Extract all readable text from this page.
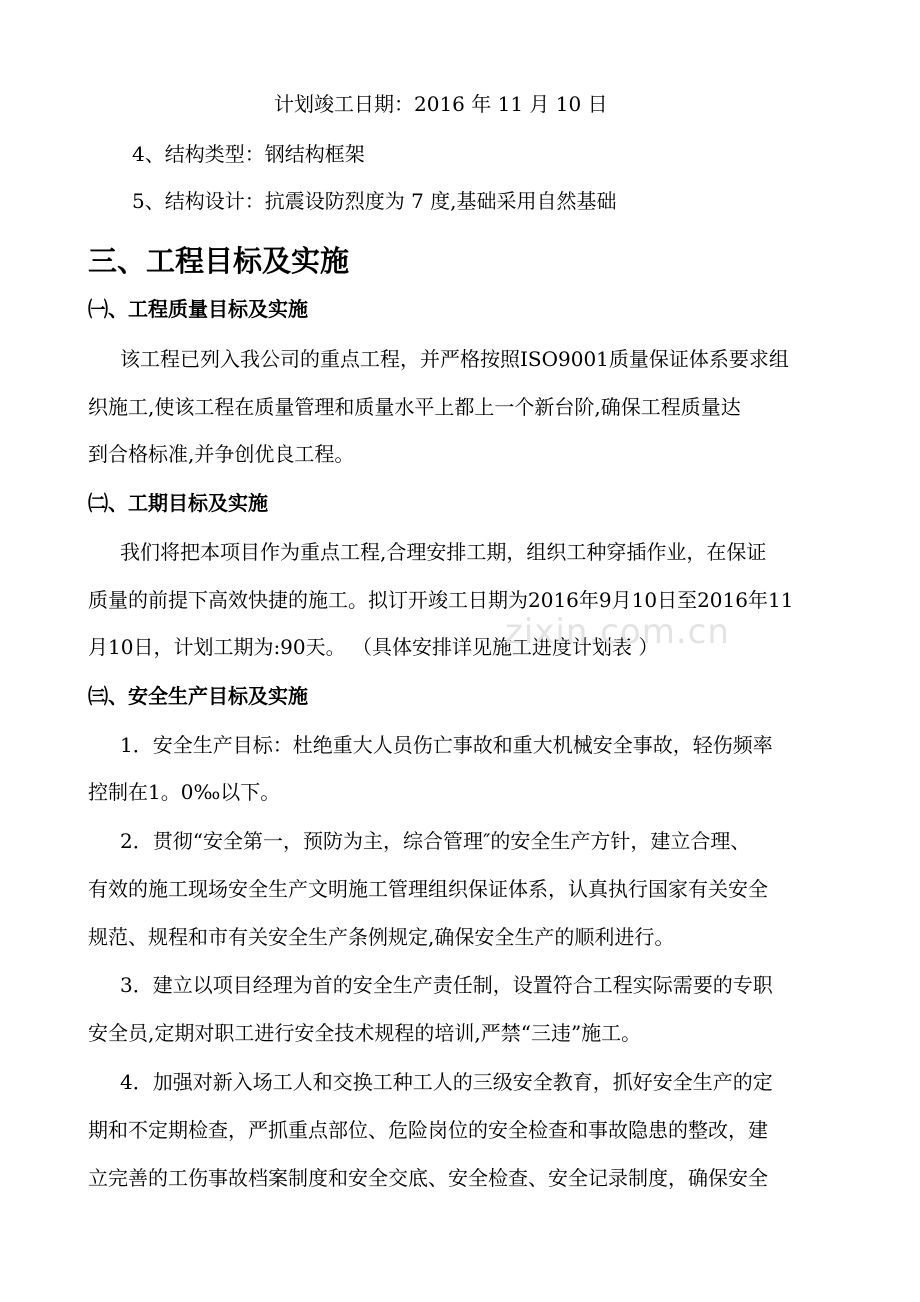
计划竣工日期：2016 年 11 月 10 日
4、结构类型：钢结构框架
5、结构设计：抗震设防烈度为 7 度,基础采用自然基础
三、工程目标及实施
㈠、工程质量目标及实施
该工程已列入我公司的重点工程，并严格按照ISO9001质量保证体系要求组
织施工,使该工程在质量管理和质量水平上都上一个新台阶,确保工程质量达
到合格标准,并争创优良工程。
㈡、工期目标及实施
我们将把本项目作为重点工程,合理安排工期，组织工种穿插作业，在保证
质量的前提下高效快捷的施工。拟订开竣工日期为2016年9月10日至2016年11
月10日，计划工期为:90天。 （具体安排详见施工进度计划表 ）
㈢、安全生产目标及实施
1．安全生产目标：杜绝重大人员伤亡事故和重大机械安全事故，轻伤频率
控制在1。0‰以下。
2．贯彻“安全第一，预防为主，综合管理″的安全生产方针，建立合理、
有效的施工现场安全生产文明施工管理组织保证体系，认真执行国家有关安全
规范、规程和市有关安全生产条例规定,确保安全生产的顺利进行。
3．建立以项目经理为首的安全生产责任制，设置符合工程实际需要的专职
安全员,定期对职工进行安全技术规程的培训,严禁“三违”施工。
4．加强对新入场工人和交换工种工人的三级安全教育，抓好安全生产的定
期和不定期检查，严抓重点部位、危险岗位的安全检查和事故隐患的整改，建
立完善的工伤事故档案制度和安全交底、安全检查、安全记录制度，确保安全
zixin.com.cn
